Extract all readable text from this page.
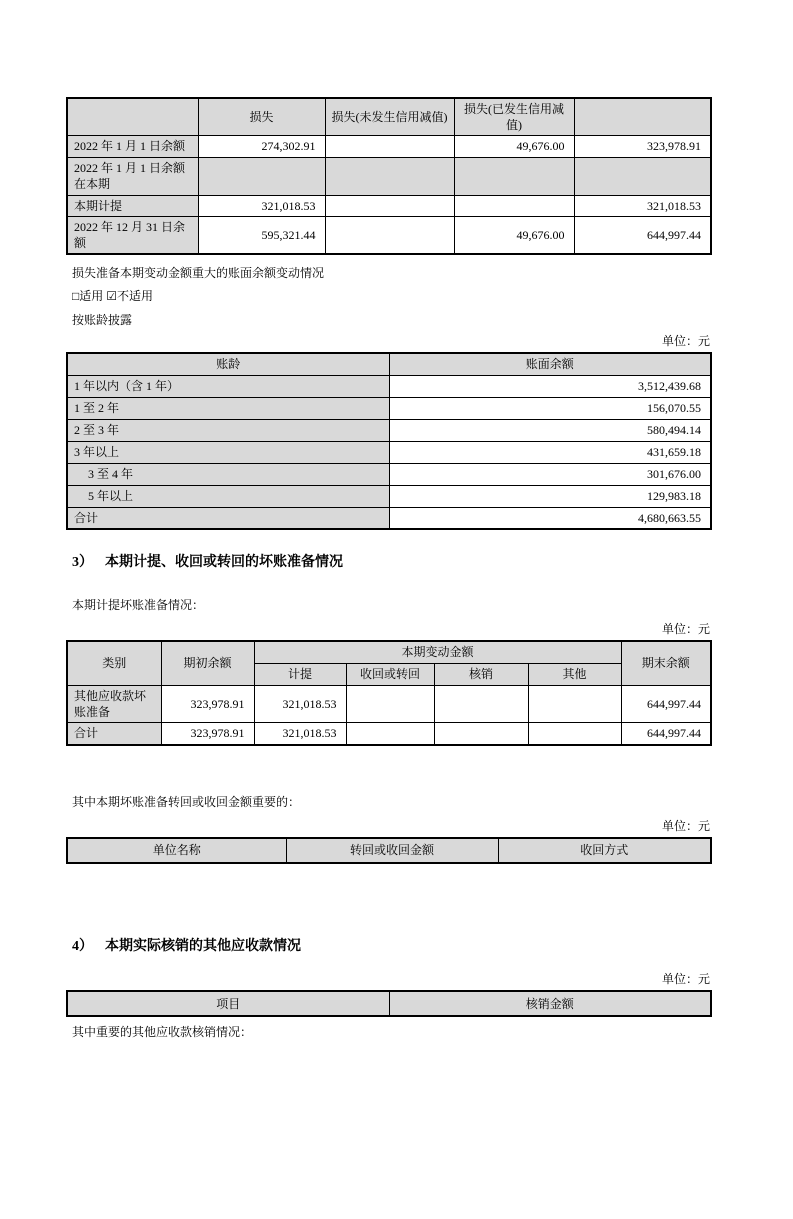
	损失	损失(未发生信用减值)	损失(已发生信用减值)	
2022 年 1 月 1 日余额	274,302.91		49,676.00	323,978.91
2022 年 1 月 1 日余额在本期				
本期计提	321,018.53			321,018.53
2022 年 12 月 31 日余额	595,321.44		49,676.00	644,997.44

损失准备本期变动金额重大的账面余额变动情况

□适用 ☑不适用

按账龄披露

单位：元

账龄	账面余额
1 年以内（含 1 年）	3,512,439.68
1 至 2 年	156,070.55
2 至 3 年	580,494.14
3 年以上	431,659.18
3 至 4 年	301,676.00
5 年以上	129,983.18
合计	4,680,663.55
3） 本期计提、收回或转回的坏账准备情况

本期计提坏账准备情况：

单位：元

类别	期初余额	本期变动金额				期末余额
		计提	收回或转回	核销	其他	
其他应收款坏账准备	323,978.91	321,018.53				644,997.44
合计	323,978.91	321,018.53				644,997.44

其中本期坏账准备转回或收回金额重要的：

单位：元

单位名称	转回或收回金额	收回方式
4） 本期实际核销的其他应收款情况

单位：元

项目	核销金额

其中重要的其他应收款核销情况：
